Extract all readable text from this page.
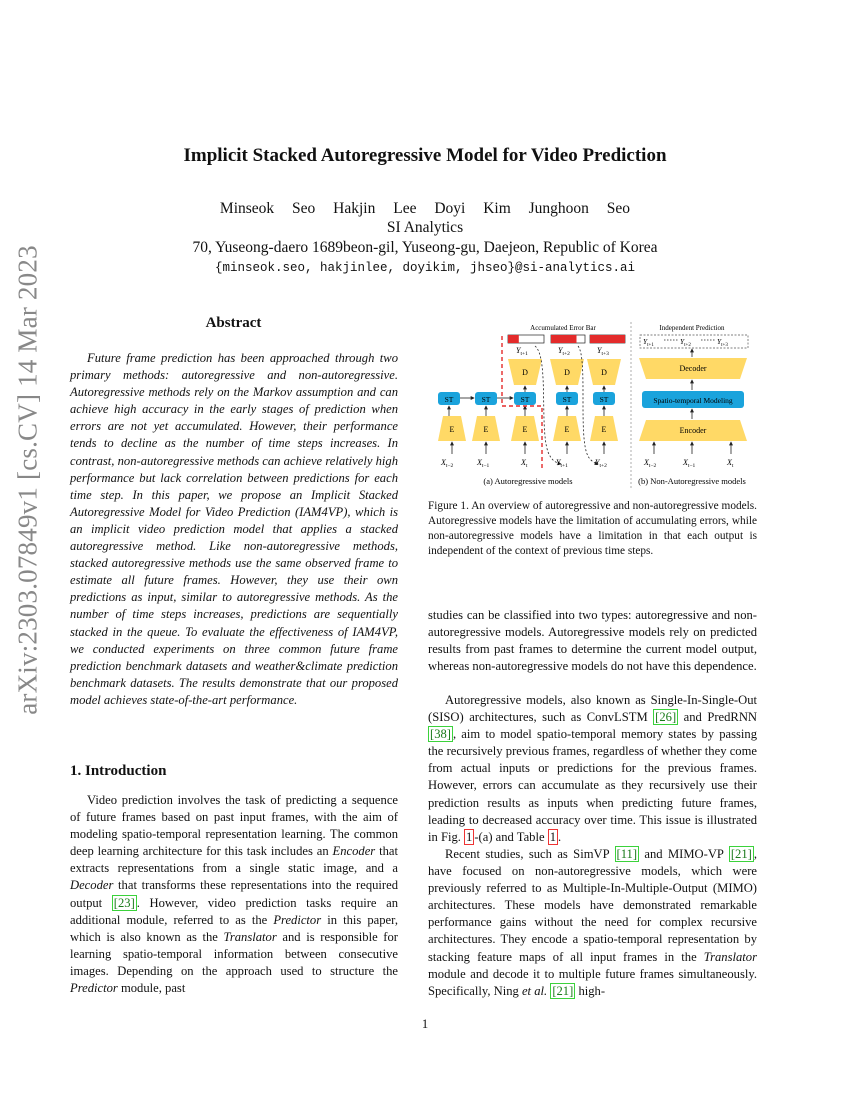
arXiv:2303.07849v1 [cs.CV] 14 Mar 2023
Implicit Stacked Autoregressive Model for Video Prediction
Minseok Seo Hakjin Lee Doyi Kim Junghoon Seo
SI Analytics
70, Yuseong-daero 1689beon-gil, Yuseong-gu, Daejeon, Republic of Korea
{minseok.seo, hakjinlee, doyikim, jhseo}@si-analytics.ai
Abstract

Future frame prediction has been approached through two primary methods: autoregressive and non-autoregressive. Autoregressive methods rely on the Markov assumption and can achieve high accuracy in the early stages of prediction when errors are not yet accumulated. However, their performance tends to decline as the number of time steps increases. In contrast, non-autoregressive methods can achieve relatively high performance but lack correlation between predictions for each time step. In this paper, we propose an Implicit Stacked Autoregressive Model for Video Prediction (IAM4VP), which is an implicit video prediction model that applies a stacked autoregressive method. Like non-autoregressive methods, stacked autoregressive methods use the same observed frame to estimate all future frames. However, they use their own predictions as input, similar to autoregressive methods. As the number of time steps increases, predictions are sequentially stacked in the queue. To evaluate the effectiveness of IAM4VP, we conducted experiments on three common future frame prediction benchmark datasets and weather&climate prediction benchmark datasets. The results demonstrate that our proposed model achieves state-of-the-art performance.

1. Introduction

Video prediction involves the task of predicting a sequence of future frames based on past input frames, with the aim of modeling spatio-temporal representation learning. The common deep learning architecture for this task includes an Encoder that extracts representations from a single static image, and a Decoder that transforms these representations into the required output [23] . However, video prediction tasks require an additional module, referred to as the Predictor in this paper, which is also known as the Translator and is responsible for learning spatio-temporal information between consecutive images. Depending on the approach used to structure the Predictor module, past

Accumulated Error Bar
$Y_{t+1}$	$Y_{t+2}$	$Y_{t+3}$
D	D	D
ST	ST	ST	ST	ST
E	E	E	E	E
$X_{t-2}$	$X_{t-1}$	$X_t$	$Y_{t+1}$	$Y_{t+2}$
(a) Autoregressive models
Independent Prediction
$Y_{t+1}$	$Y_{t+2}$	$Y_{t+3}$
Decoder
Spatio-temporal Modeling
Encoder
$X_{t-2}$	$X_{t-1}$	$X_t$
(b) Non-Autoregressive models

Figure 1. An overview of autoregressive and non-autoregressive models. Autoregressive models have the limitation of accumulating errors, while non-autoregressive models have a limitation in that each output is independent of the context of previous time steps.

studies can be classified into two types: autoregressive and non-autoregressive models. Autoregressive models rely on predicted results from past frames to determine the current model output, whereas non-autoregressive models do not have this dependence.

Autoregressive models, also known as Single-In-Single-Out (SISO) architectures, such as ConvLSTM [26] and PredRNN [38] , aim to model spatio-temporal memory states by passing the recursively previous frames, regardless of whether they come from actual inputs or predictions for the previous frames. However, errors can accumulate as they recursively use their prediction results as inputs when predicting future frames, leading to decreased accuracy over time. This issue is illustrated in Fig. 1 -(a) and Table 1 .

Recent studies, such as SimVP [11] and MIMO-VP [21] , have focused on non-autoregressive models, which were previously referred to as Multiple-In-Multiple-Output (MIMO) architectures. These models have demonstrated remarkable performance gains without the need for complex recursive architectures. They encode a spatio-temporal representation by stacking feature maps of all input frames in the Translator module and decode it to multiple future frames simultaneously. Specifically, Ning et al. [21] high-

1
